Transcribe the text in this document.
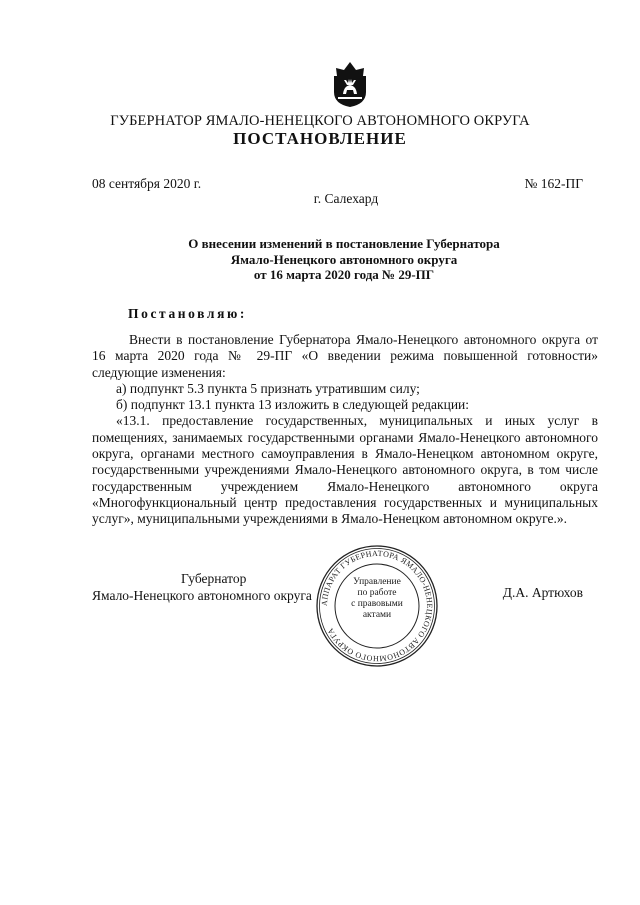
ГУБЕРНАТОР ЯМАЛО-НЕНЕЦКОГО АВТОНОМНОГО ОКРУГА
ПОСТАНОВЛЕНИЕ
08 сентября 2020 г.	№ 162-ПГ
г. Салехард
О внесении изменений в постановление Губернатора
Ямало-Ненецкого автономного округа
от 16 марта 2020 года № 29-ПГ
Постановляю:

Внести в постановление Губернатора Ямало-Ненецкого автономного округа от 16 марта 2020 года № 29-ПГ «О введении режима повышенной готовности» следующие изменения:

а) подпункт 5.3 пункта 5 признать утратившим силу;

б) подпункт 13.1 пункта 13 изложить в следующей редакции:

«13.1. предоставление государственных, муниципальных и иных услуг в помещениях, занимаемых государственными органами Ямало-Ненецкого автономного округа, органами местного самоуправления в Ямало-Ненецком автономном округе, государственными учреждениями Ямало-Ненецкого автономного округа, в том числе государственным учреждением Ямало-Ненецкого автономного округа «Многофункциональный центр предоставления государственных и муниципальных услуг», муниципальными учреждениями в Ямало-Ненецком автономном округе.».

Губернатор
Ямало-Ненецкого автономного округа	Д.А. Артюхов
АППАРАТ ГУБЕРНАТОРА ЯМАЛО-НЕНЕЦКОГО АВТОНОМНОГО ОКРУГА
Управление
по работе
с правовыми
актами
